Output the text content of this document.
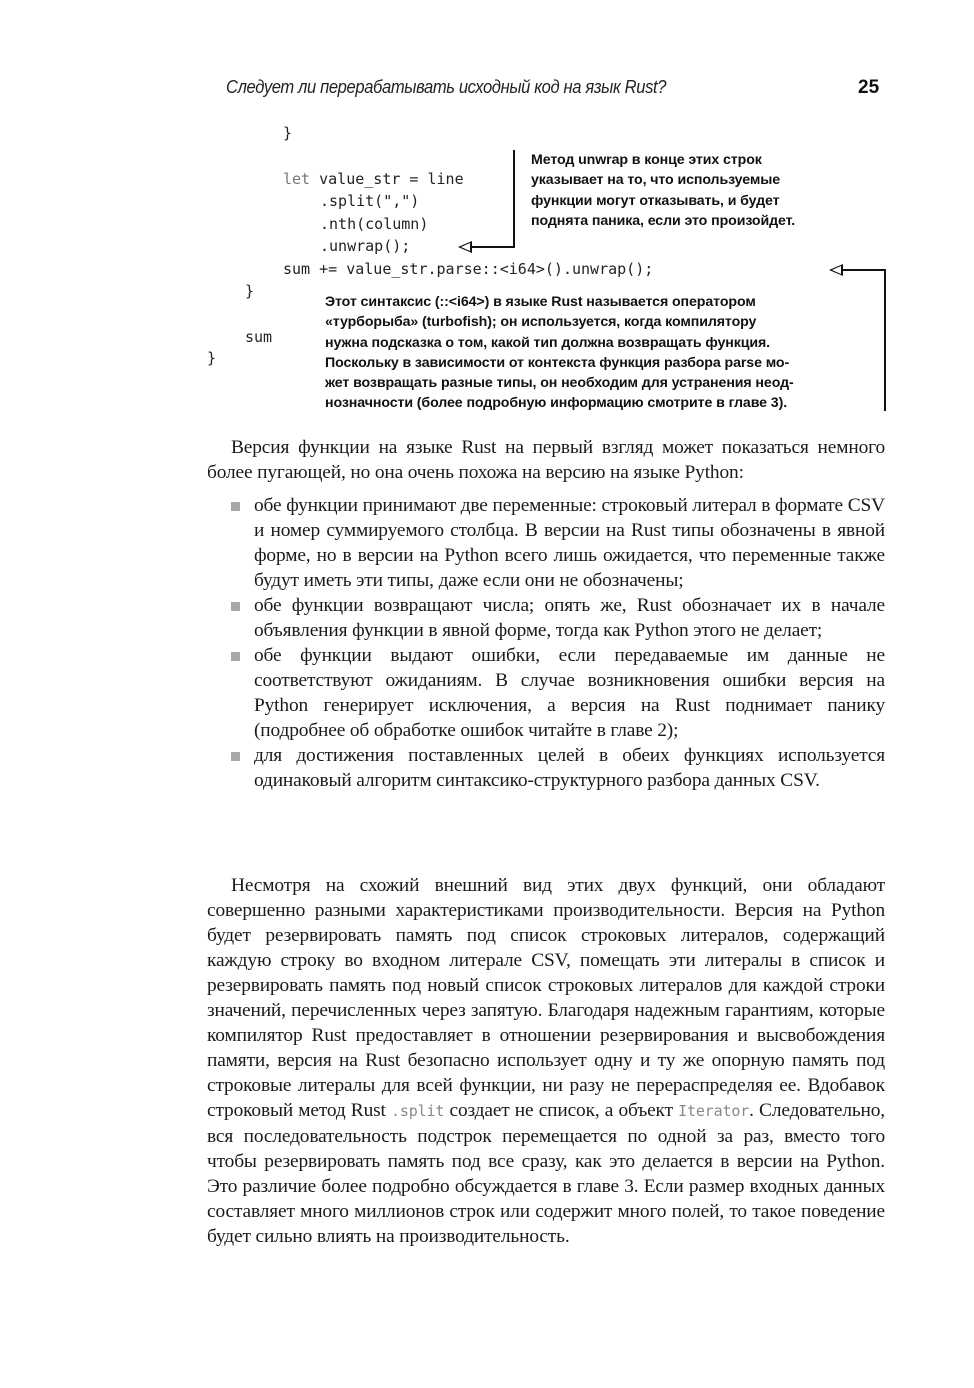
Следует ли перерабатывать исходный код на язык Rust?	25
}
let value_str = line
.split(",")
.nth(column)
.unwrap();
sum += value_str.parse::<i64>().unwrap();
}
sum
}
Метод unwrap в конце этих строк
указывает на то, что используемые
функции могут отказывать, и будет
поднята паника, если это произойдет.
Этот синтаксис (::<i64>) в языке Rust называется оператором
«турборыба» (turbofish); он используется, когда компилятору
нужна подсказка о том, какой тип должна возвращать функция.
Поскольку в зависимости от контекста функция разбора parse мо-
жет возвращать разные типы, он необходим для устранения неод-
нозначности (более подробную информацию смотрите в главе 3).

Версия функции на языке Rust на первый взгляд может показаться немного более пугающей, но она очень похожа на версию на языке Python:

обе функции принимают две переменные: строковый литерал в формате CSV и номер суммируемого столбца. В версии на Rust типы обозначены в явной форме, но в версии на Python всего лишь ожидается, что переменные также будут иметь эти типы, даже если они не обозначены;
обе функции возвращают числа; опять же, Rust обозначает их в начале объявления функции в явной форме, тогда как Python этого не делает;
обе функции выдают ошибки, если передаваемые им данные не соответствуют ожиданиям. В случае возникновения ошибки версия на Python генерирует исключения, а версия на Rust поднимает панику (подробнее об обработке ошибок читайте в главе 2);
для достижения поставленных целей в обеих функциях используется одинаковый алгоритм синтаксико-структурного разбора данных CSV.

Несмотря на схожий внешний вид этих двух функций, они обладают совершенно разными характеристиками производительности. Версия на Python будет резервировать память под список строковых литералов, содержащий каждую строку во входном литерале CSV, помещать эти литералы в список и резервировать память под новый список строковых литералов для каждой строки значений, перечисленных через запятую. Благодаря надежным гарантиям, которые компилятор Rust предоставляет в отношении резервирования и высвобождения памяти, версия на Rust безопасно использует одну и ту же опорную память под строковые литералы для всей функции, ни разу не перераспределяя ее. Вдобавок строковый метод Rust .split создает не список, а объект Iterator. Следовательно, вся последовательность подстрок перемещается по одной за раз, вместо того чтобы резервировать память под все сразу, как это делается в версии на Python. Это различие более подробно обсуждается в главе 3. Если размер входных данных составляет много миллионов строк или содержит много полей, то такое поведение будет сильно влиять на производительность.
